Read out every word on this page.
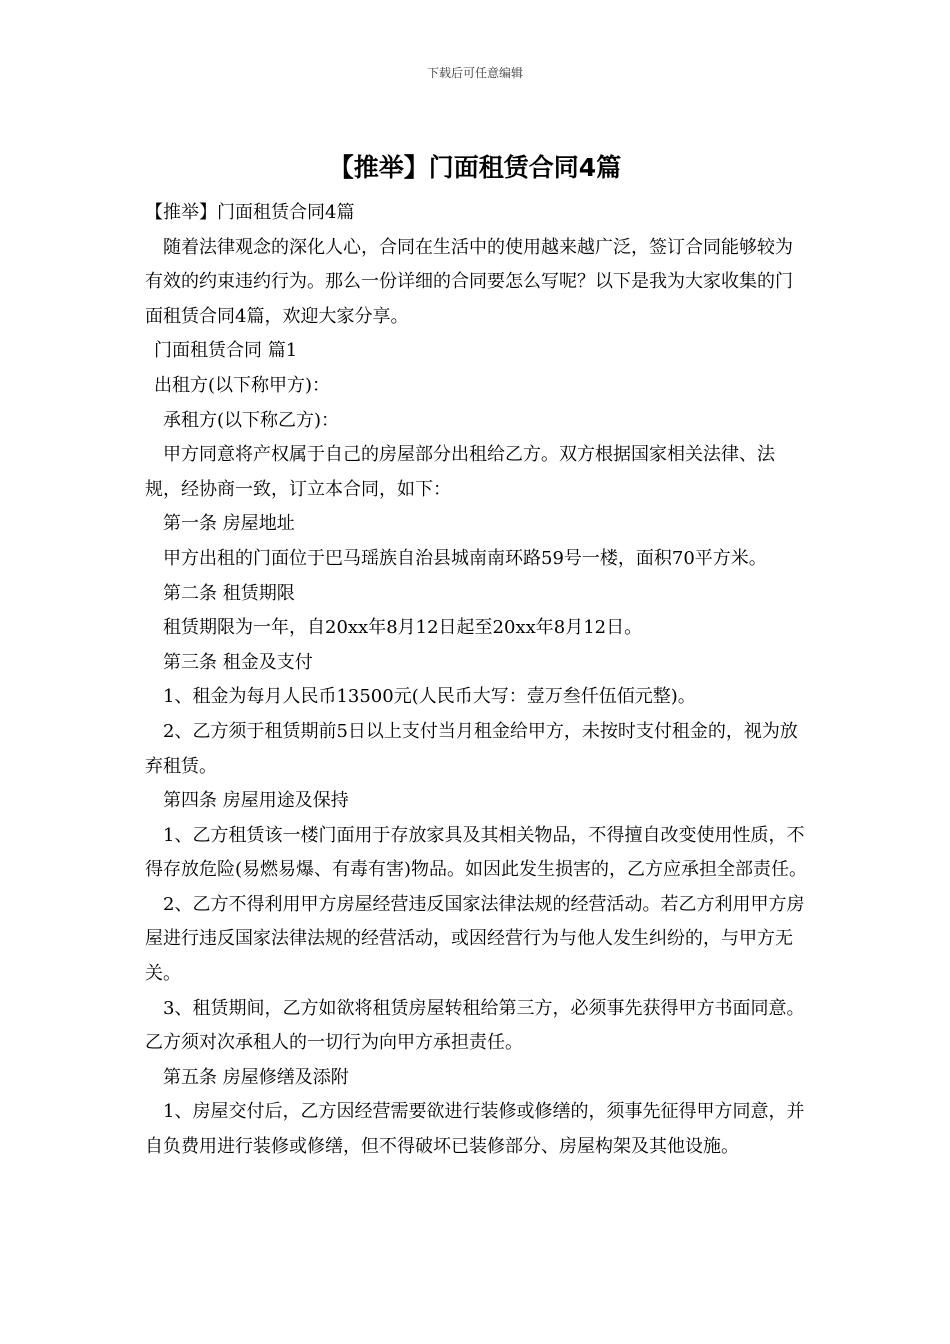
下载后可任意编辑
【推举】门面租赁合同4篇

【推举】门面租赁合同4篇

随着法律观念的深化人心，合同在生活中的使用越来越广泛，签订合同能够较为有效的约束违约行为。那么一份详细的合同要怎么写呢？以下是我为大家收集的门面租赁合同4篇，欢迎大家分享。

门面租赁合同 篇1

出租方(以下称甲方)：

承租方(以下称乙方)：

甲方同意将产权属于自己的房屋部分出租给乙方。双方根据国家相关法律、法规，经协商一致，订立本合同，如下：

第一条 房屋地址

甲方出租的门面位于巴马瑶族自治县城南南环路59号一楼，面积70平方米。

第二条 租赁期限

租赁期限为一年，自20xx年8月12日起至20xx年8月12日。

第三条 租金及支付

1、租金为每月人民币13500元(人民币大写：壹万叁仟伍佰元整)。

2、乙方须于租赁期前5日以上支付当月租金给甲方，未按时支付租金的，视为放弃租赁。

第四条 房屋用途及保持

1、乙方租赁该一楼门面用于存放家具及其相关物品，不得擅自改变使用性质，不得存放危险(易燃易爆、有毒有害)物品。如因此发生损害的，乙方应承担全部责任。

2、乙方不得利用甲方房屋经营违反国家法律法规的经营活动。若乙方利用甲方房屋进行违反国家法律法规的经营活动，或因经营行为与他人发生纠纷的，与甲方无关。

3、租赁期间，乙方如欲将租赁房屋转租给第三方，必须事先获得甲方书面同意。乙方须对次承租人的一切行为向甲方承担责任。

第五条 房屋修缮及添附

1、房屋交付后，乙方因经营需要欲进行装修或修缮的，须事先征得甲方同意，并自负费用进行装修或修缮，但不得破坏已装修部分、房屋构架及其他设施。
